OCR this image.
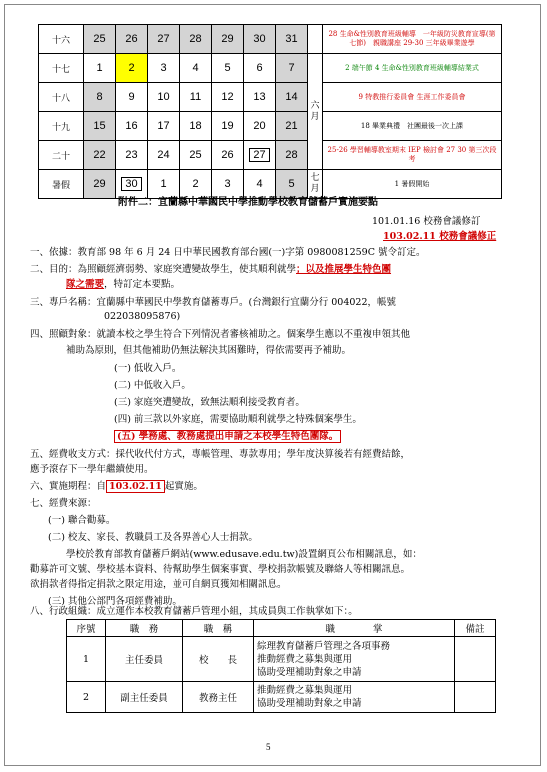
十六	25	26	27	28	29	30	31		28 生命&性別教育班級輔導　一年級防災教育宣導(第七節)　親職講座 29-30 三年級畢業遊學
十七	1	2	3	4	5	6	7	六月	2 端午節 4 生命&性別教育班級輔導結業式
十八	8	9	10	11	12	13	14		9 特教推行委員會 生涯工作委員會
十九	15	16	17	18	19	20	21		18 畢業典禮　社團最後一次上課
二十	22	23	24	25	26	27	28		25-26 學習輔導教室期末 IEP 檢討會 27 30 第三次段考
暑假	29	30	1	2	3	4	5	七月	1 暑假開始
附件二：宜蘭縣中華國民中學推動學校教育儲蓄戶實施要點
101.01.16 校務會議修訂
103.02.11 校務會議修正
一、依據：教育部 98 年 6 月 24 日中華民國教育部台國(一)字第 0980081259C 號令訂定。
二、目的：為照顧經濟弱勢、家庭突遭變故學生，使其順利就學；以及推展學生特色團
隊之需要，特訂定本要點。
三、專戶名稱：宜蘭縣中華國民中學教育儲蓄專戶。(台灣銀行宜蘭分行 004022，帳號
022038095876)
四、照顧對象：就讀本校之學生符合下列情況者審核補助之。個案學生應以不重複申領其他
補助為原則，但其他補助仍無法解決其困難時，得依需要再予補助。
(一) 低收入戶。
(二) 中低收入戶。
(三) 家庭突遭變故，致無法順利接受教育者。
(四) 前三款以外家庭，需要協助順利就學之特殊個案學生。
(五) 學務處、教務處提出申請之本校學生特色團隊。
五、經費收支方式：採代收代付方式，專帳管理、專款專用；學年度決算後若有經費結餘，
應予滾存下一學年繼續使用。
六、實施期程：自 103.02.11 起實施。
七、經費來源：
(一) 聯合勸募。
(二) 校友、家長、教職員工及各界善心人士捐款。
學校於教育部教育儲蓄戶網站(www.edusave.edu.tw)設置網頁公布相關訊息，如：
勸募許可文號、學校基本資料、待幫助學生個案事實、學校捐款帳號及聯絡人等相關訊息。
欲捐款者得指定捐款之限定用途，並可自網頁獲知相關訊息。
(三) 其他公部門各項經費補助。
八、行政組織：成立運作本校教育儲蓄戶管理小組，其成員與工作執掌如下：。
序號	職　務	職　稱	職　　　　掌	備註
1	主任委員	校　　長	綜理教育儲蓄戶管理之各項事務
推動經費之募集與運用
協助受理補助對象之申請	

2	副主任委員	教務主任	推動經費之募集與運用
協助受理補助對象之申請	

5
